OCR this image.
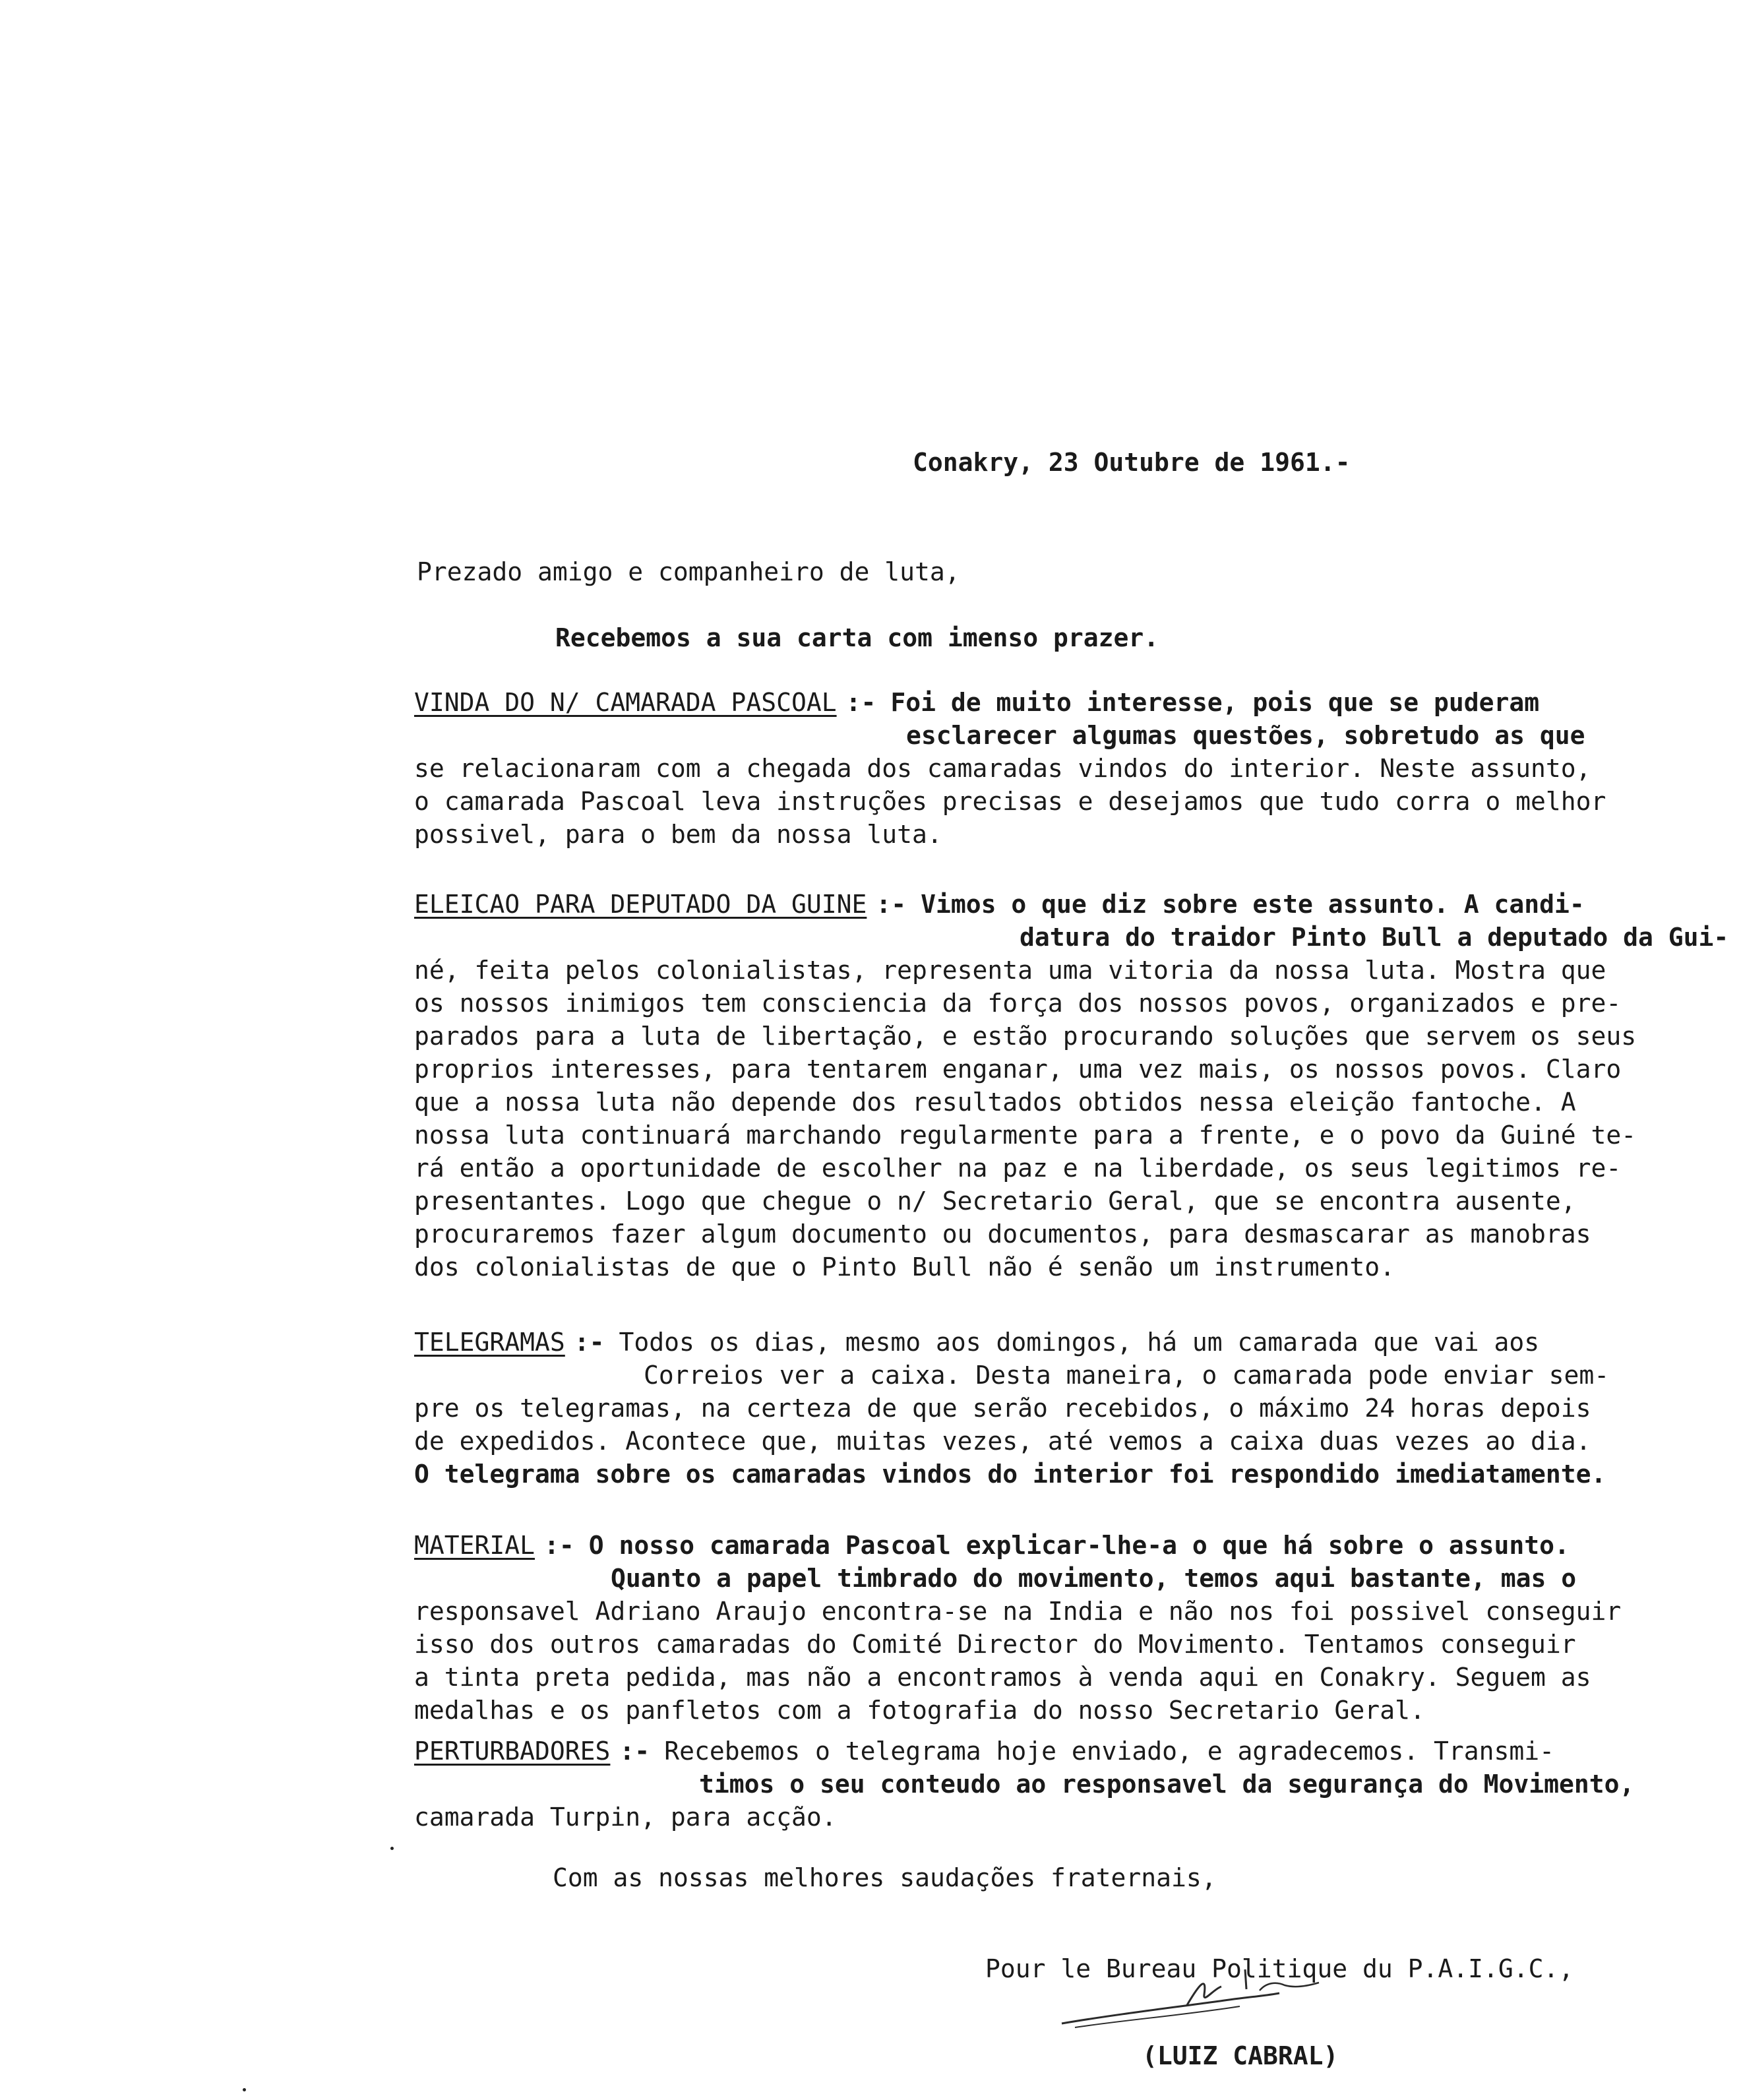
Conakry, 23 Outubre de 1961.-
Prezado amigo e companheiro de luta,
Recebemos a sua carta com imenso prazer.
VINDA DO N/ CAMARADA PASCOAL :- Foi de muito interesse, pois que se puderam
esclarecer algumas questões, sobretudo as que
se relacionaram com a chegada dos camaradas vindos do interior. Neste assunto,
o camarada Pascoal leva instruções precisas e desejamos que tudo corra o melhor
possivel, para o bem da nossa luta.
ELEICAO PARA DEPUTADO DA GUINE :- Vimos o que diz sobre este assunto. A candi-
datura do traidor Pinto Bull a deputado da Gui-
né, feita pelos colonialistas, representa uma vitoria da nossa luta. Mostra que
os nossos inimigos tem consciencia da força dos nossos povos, organizados e pre-
parados para a luta de libertação, e estão procurando soluções que servem os seus
proprios interesses, para tentarem enganar, uma vez mais, os nossos povos. Claro
que a nossa luta não depende dos resultados obtidos nessa eleição fantoche. A
nossa luta continuará marchando regularmente para a frente, e o povo da Guiné te-
rá então a oportunidade de escolher na paz e na liberdade, os seus legitimos re-
presentantes. Logo que chegue o n/ Secretario Geral, que se encontra ausente,
procuraremos fazer algum documento ou documentos, para desmascarar as manobras
dos colonialistas de que o Pinto Bull não é senão um instrumento.
TELEGRAMAS :- Todos os dias, mesmo aos domingos, há um camarada que vai aos
Correios ver a caixa. Desta maneira, o camarada pode enviar sem-
pre os telegramas, na certeza de que serão recebidos, o máximo 24 horas depois
de expedidos. Acontece que, muitas vezes, até vemos a caixa duas vezes ao dia.
O telegrama sobre os camaradas vindos do interior foi respondido imediatamente.
MATERIAL :- O nosso camarada Pascoal explicar-lhe-a o que há sobre o assunto.
Quanto a papel timbrado do movimento, temos aqui bastante, mas o
responsavel Adriano Araujo encontra-se na India e não nos foi possivel conseguir
isso dos outros camaradas do Comité Director do Movimento. Tentamos conseguir
a tinta preta pedida, mas não a encontramos à venda aqui en Conakry. Seguem as
medalhas e os panfletos com a fotografia do nosso Secretario Geral.
PERTURBADORES :- Recebemos o telegrama hoje enviado, e agradecemos. Transmi-
timos o seu conteudo ao responsavel da segurança do Movimento,
camarada Turpin, para acção.
Com as nossas melhores saudações fraternais,
Pour le Bureau Politique du P.A.I.G.C.,
(LUIZ CABRAL)
